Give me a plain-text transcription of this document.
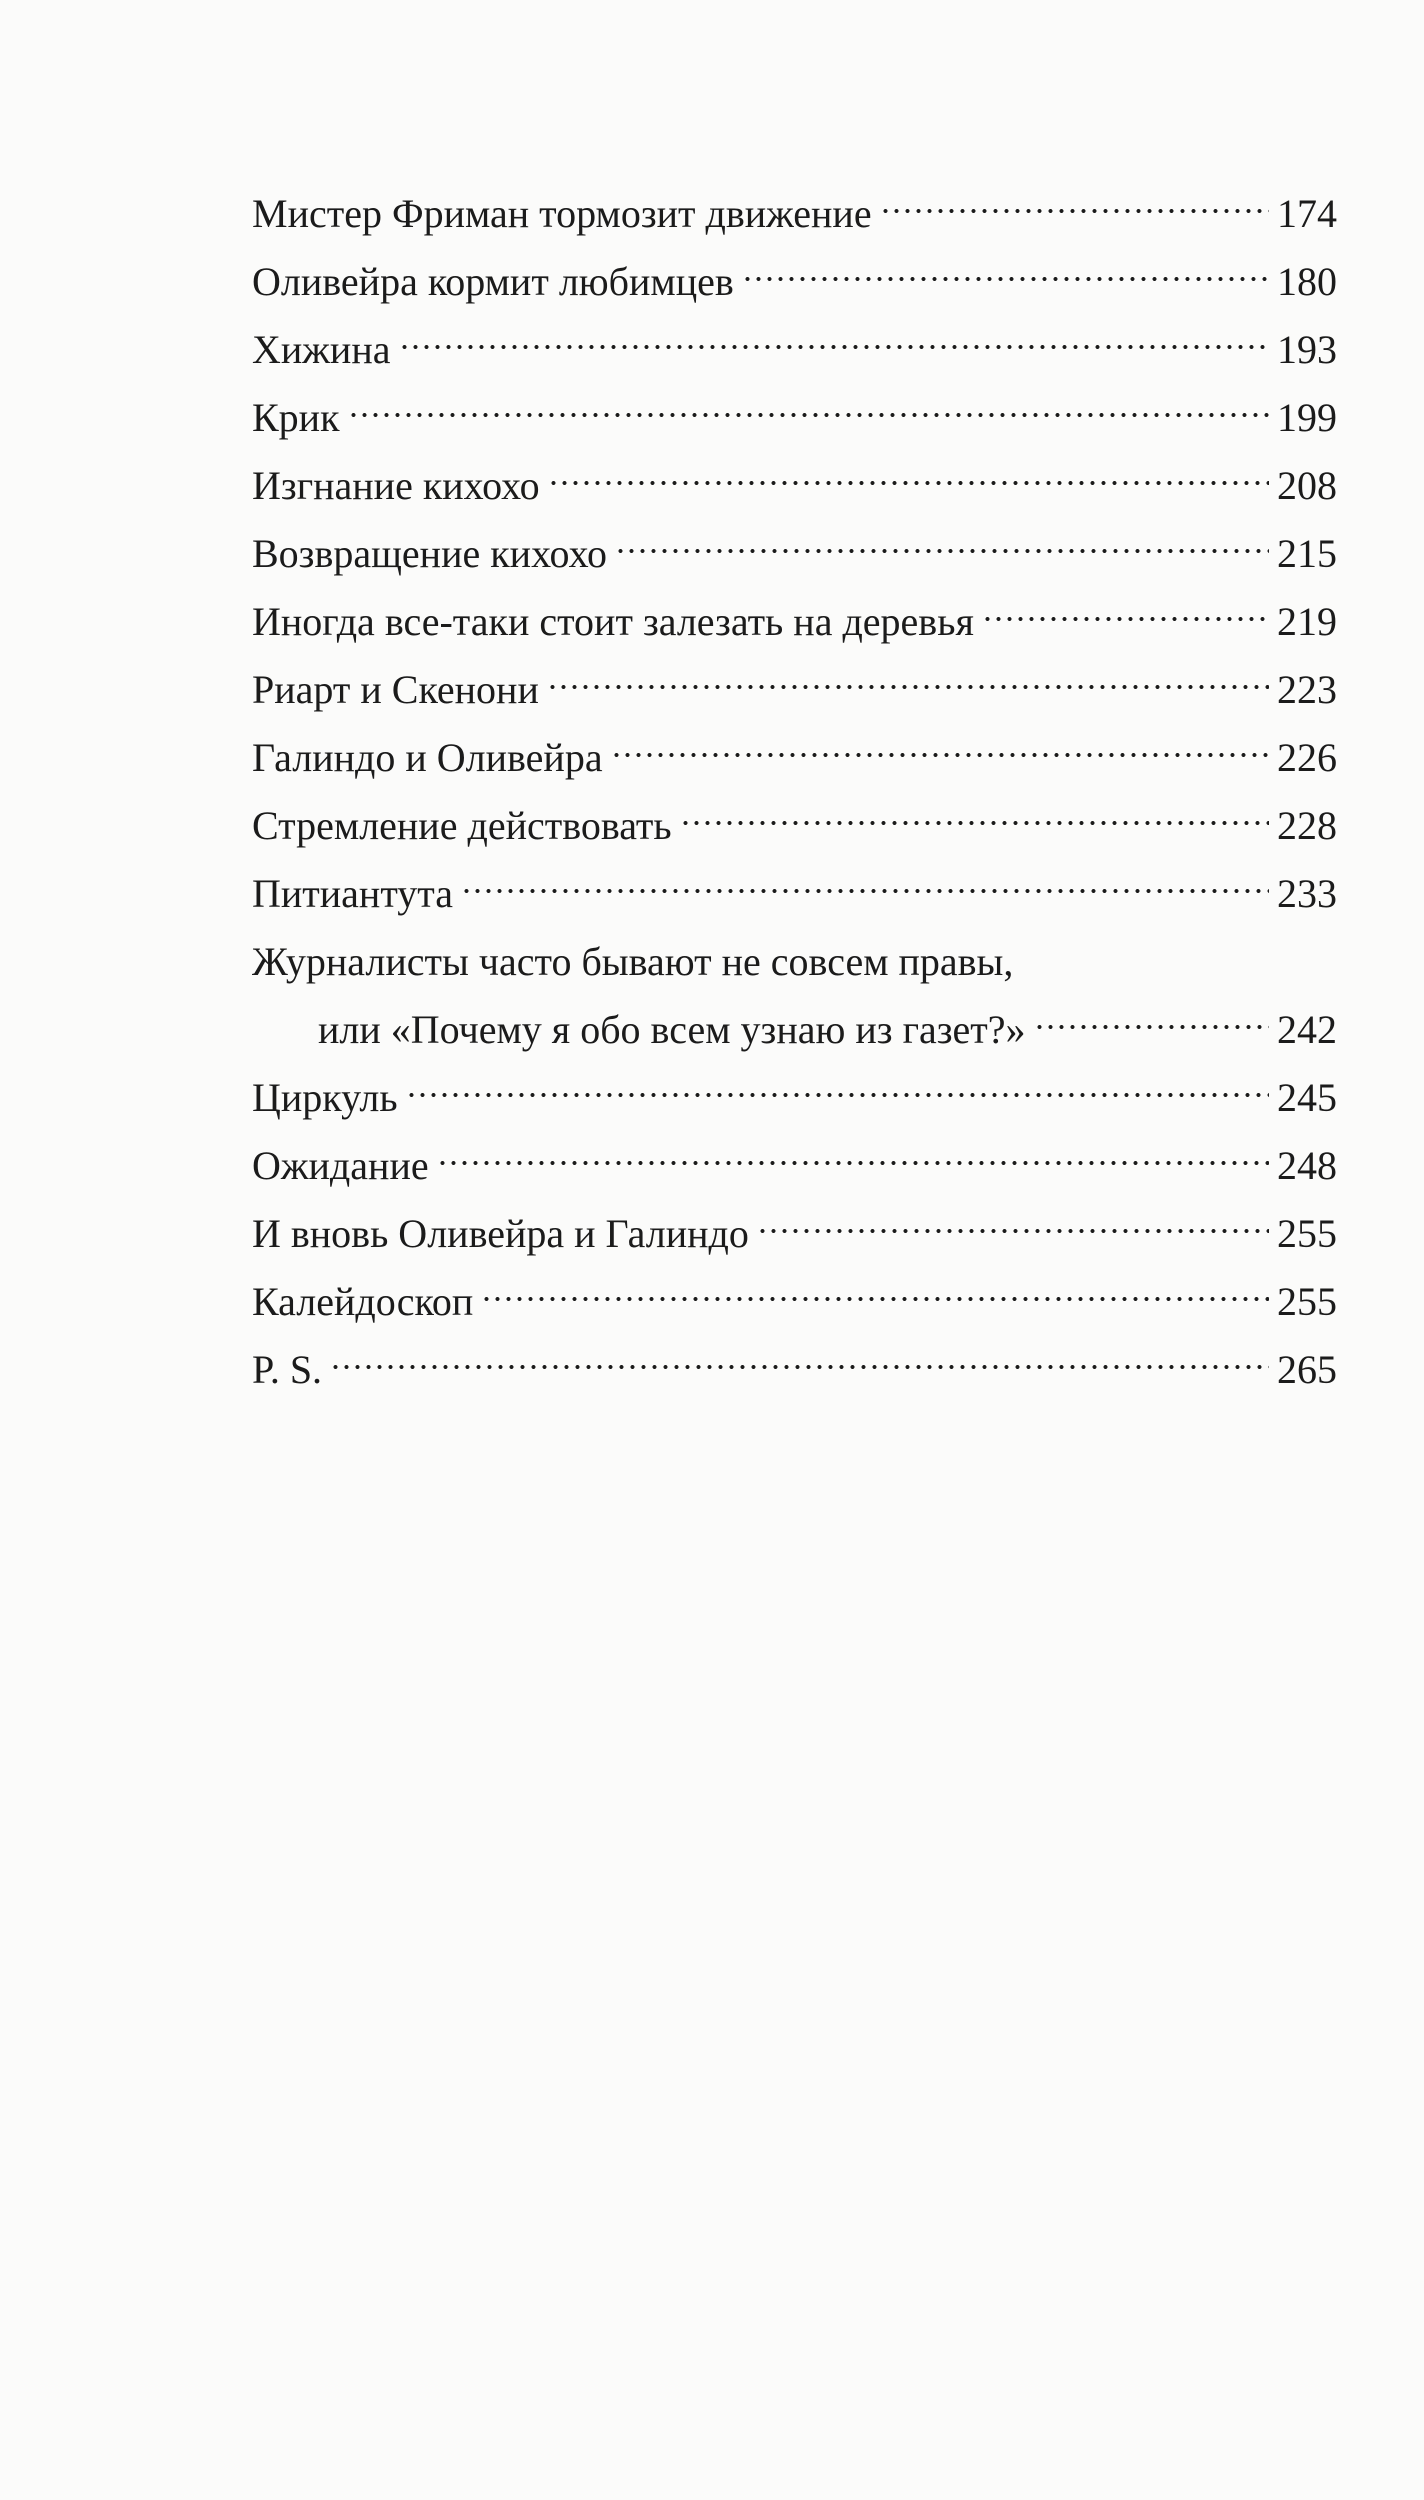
Мистер Фриман тормозит движение	174
Оливейра кормит любимцев	180
Хижина	193
Крик	199
Изгнание кихохо	208
Возвращение кихохо	215
Иногда все-таки стоит залезать на деревья	219
Риарт и Скенони	223
Галиндо и Оливейра	226
Стремление действовать	228
Питиантута	233
Журналисты часто бывают не совсем правы,
или «Почему я обо всем узнаю из газет?»	242
Циркуль	245
Ожидание	248
И вновь Оливейра и Галиндо	255
Калейдоскоп	255
P. S.	265
